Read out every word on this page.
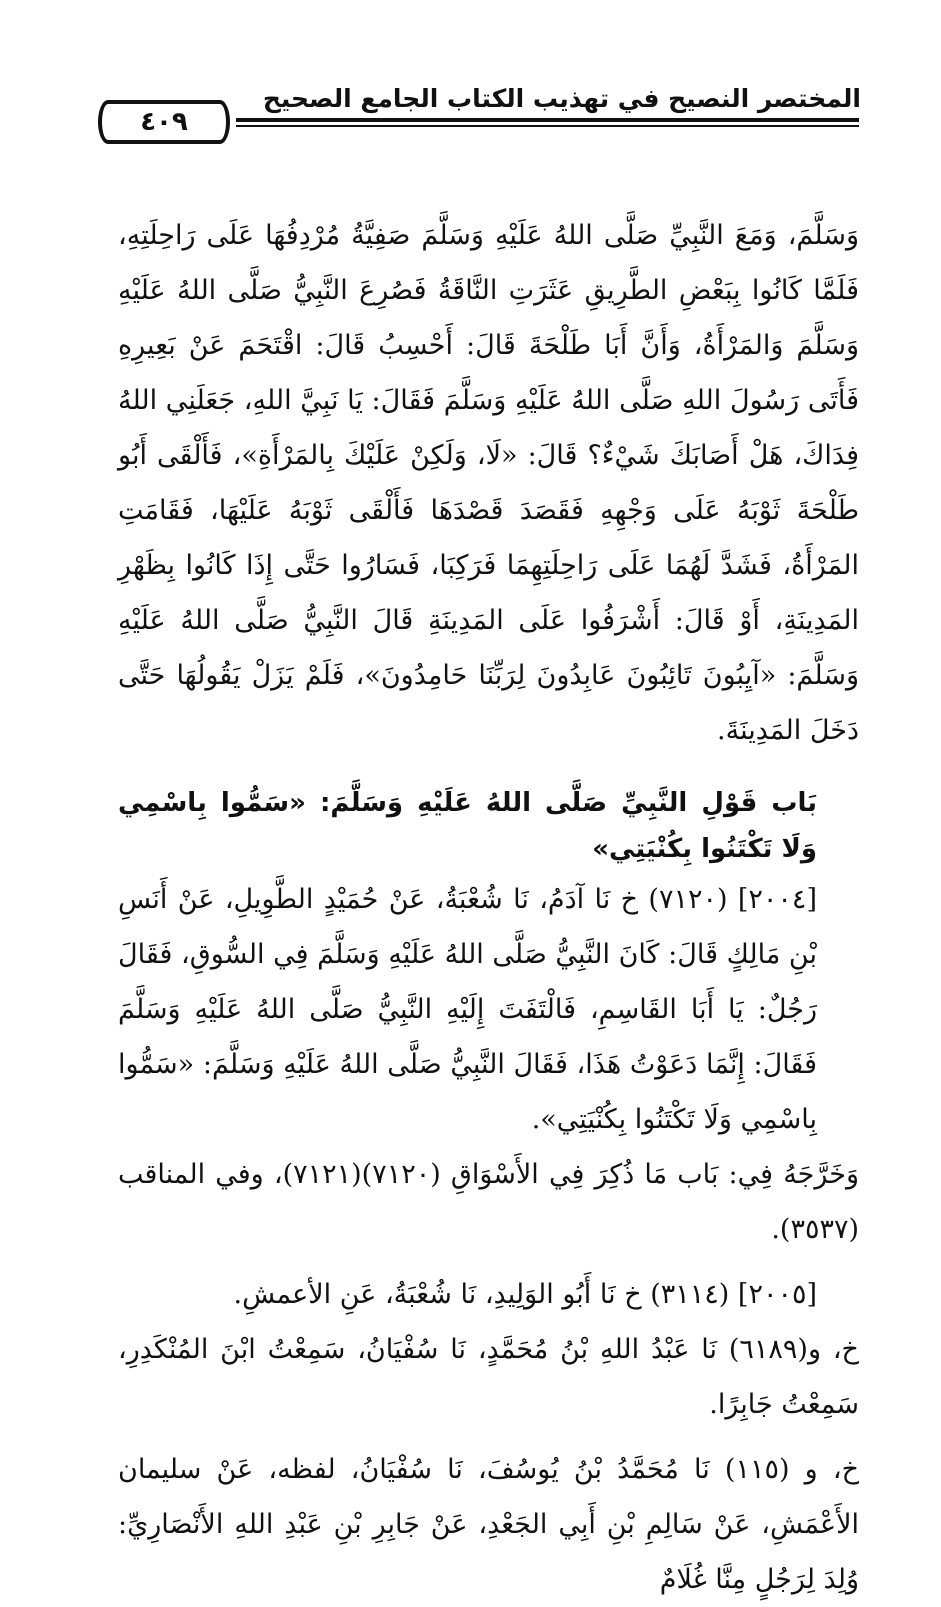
المختصر النصيح في تهذيب الكتاب الجامع الصحيح
٤٠٩

وَسَلَّمَ، وَمَعَ النَّبِيِّ صَلَّى اللهُ عَلَيْهِ وَسَلَّمَ صَفِيَّةُ مُرْدِفُهَا عَلَى رَاحِلَتِهِ، فَلَمَّا كَانُوا بِبَعْضِ الطَّرِيقِ عَثَرَتِ النَّاقَةُ فَصُرِعَ النَّبِيُّ صَلَّى اللهُ عَلَيْهِ وَسَلَّمَ وَالمَرْأَةُ، وَأَنَّ أَبَا طَلْحَةَ قَالَ: أَحْسِبُ قَالَ: اقْتَحَمَ عَنْ بَعِيرِهِ فَأَتَى رَسُولَ اللهِ صَلَّى اللهُ عَلَيْهِ وَسَلَّمَ فَقَالَ: يَا نَبِيَّ اللهِ، جَعَلَنِي اللهُ فِدَاكَ، هَلْ أَصَابَكَ شَيْءٌ؟ قَالَ: «لَا، وَلَكِنْ عَلَيْكَ بِالمَرْأَةِ»، فَأَلْقَى أَبُو طَلْحَةَ ثَوْبَهُ عَلَى وَجْهِهِ فَقَصَدَ قَصْدَهَا فَأَلْقَى ثَوْبَهُ عَلَيْهَا، فَقَامَتِ المَرْأَةُ، فَشَدَّ لَهُمَا عَلَى رَاحِلَتِهِمَا فَرَكِبَا، فَسَارُوا حَتَّى إِذَا كَانُوا بِظَهْرِ المَدِينَةِ، أَوْ قَالَ: أَشْرَفُوا عَلَى المَدِينَةِ قَالَ النَّبِيُّ صَلَّى اللهُ عَلَيْهِ وَسَلَّمَ: «آيِبُونَ تَائِبُونَ عَابِدُونَ لِرَبِّنَا حَامِدُونَ»، فَلَمْ يَزَلْ يَقُولُهَا حَتَّى دَخَلَ المَدِينَةَ.

بَاب قَوْلِ النَّبِيِّ صَلَّى اللهُ عَلَيْهِ وَسَلَّمَ: «سَمُّوا بِاسْمِي وَلَا تَكْتَنُوا بِكُنْيَتِي»

[٢٠٠٤] (٧١٢٠) خ نَا آدَمُ، نَا شُعْبَةُ، عَنْ حُمَيْدٍ الطَّوِيلِ، عَنْ أَنَسِ بْنِ مَالِكٍ قَالَ: كَانَ النَّبِيُّ صَلَّى اللهُ عَلَيْهِ وَسَلَّمَ فِي السُّوقِ، فَقَالَ رَجُلٌ: يَا أَبَا القَاسِمِ، فَالْتَفَتَ إِلَيْهِ النَّبِيُّ صَلَّى اللهُ عَلَيْهِ وَسَلَّمَ فَقَالَ: إِنَّمَا دَعَوْتُ هَذَا، فَقَالَ النَّبِيُّ صَلَّى اللهُ عَلَيْهِ وَسَلَّمَ: «سَمُّوا بِاسْمِي وَلَا تَكْتَنُوا بِكُنْيَتِي».

وَخَرَّجَهُ فِي: بَاب مَا ذُكِرَ فِي الأَسْوَاقِ (٧١٢٠)(٧١٢١)، وفي المناقب (٣٥٣٧).

[٢٠٠٥] (٣١١٤) خ نَا أَبُو الوَلِيدِ، نَا شُعْبَةُ، عَنِ الأعمشِ.

خ، و(٦١٨٩) نَا عَبْدُ اللهِ بْنُ مُحَمَّدٍ، نَا سُفْيَانُ، سَمِعْتُ ابْنَ المُنْكَدِرِ، سَمِعْتُ جَابِرًا.

خ، و (١١٥) نَا مُحَمَّدُ بْنُ يُوسُفَ، نَا سُفْيَانُ، لفظه، عَنْ سليمان الأَعْمَشِ، عَنْ سَالِمِ بْنِ أَبِي الجَعْدِ، عَنْ جَابِرِ بْنِ عَبْدِ اللهِ الأَنْصَارِيِّ: وُلِدَ لِرَجُلٍ مِنَّا غُلَامٌ
